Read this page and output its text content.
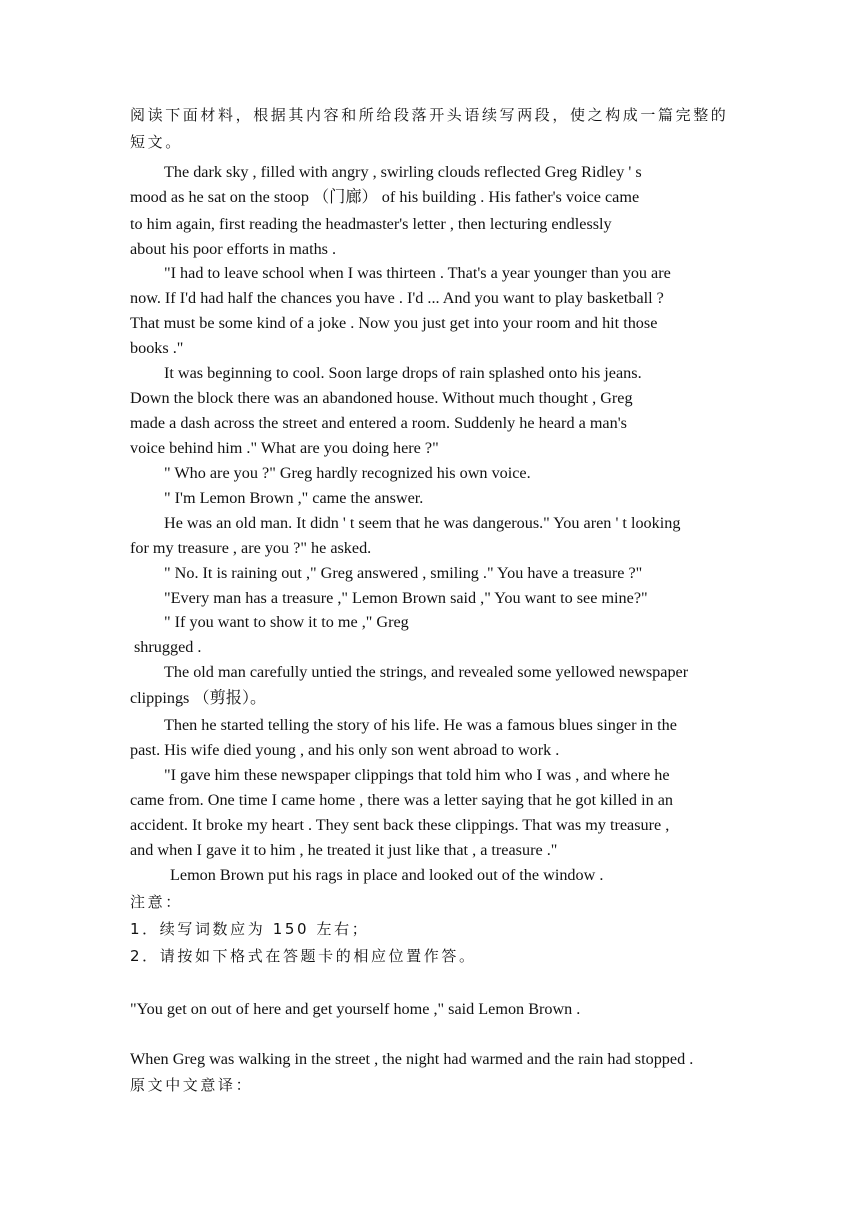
阅读下面材料，根据其内容和所给段落开头语续写两段，使之构成一篇完整的
短文。
The dark sky , filled with angry , swirling clouds reflected Greg Ridley ' s
mood as he sat on the stoop （门廊） of his building . His father's voice came
to him again, first reading the headmaster's letter , then lecturing endlessly
about his poor efforts in maths .
"I had to leave school when I was thirteen . That's a year younger than you are
now. If I'd had half the chances you have . I'd ... And you want to play basketball ?
That must be some kind of a joke . Now you just get into your room and hit those
books ."
It was beginning to cool. Soon large drops of rain splashed onto his jeans.
Down the block there was an abandoned house. Without much thought , Greg
made a dash across the street and entered a room. Suddenly he heard a man's
voice behind him ." What are you doing here ?"
" Who are you ?" Greg hardly recognized his own voice.
" I'm Lemon Brown ," came the answer.
He was an old man. It didn ' t seem that he was dangerous." You aren ' t looking
for my treasure , are you ?" he asked.
" No. It is raining out ," Greg answered , smiling ." You have a treasure ?"
"Every man has a treasure ," Lemon Brown said ," You want to see mine?"
" If you want to show it to me ," Greg
shrugged .
The old man carefully untied the strings, and revealed some yellowed newspaper
clippings （剪报）。
Then he started telling the story of his life. He was a famous blues singer in the
past. His wife died young , and his only son went abroad to work .
"I gave him these newspaper clippings that told him who I was , and where he
came from. One time I came home , there was a letter saying that he got killed in an
accident. It broke my heart . They sent back these clippings. That was my treasure ,
and when I gave it to him , he treated it just like that , a treasure ."
Lemon Brown put his rags in place and looked out of the window .
注意：
1．续写词数应为 150 左右；
2．请按如下格式在答题卡的相应位置作答。
"You get on out of here and get yourself home ," said Lemon Brown .
When Greg was walking in the street , the night had warmed and the rain had stopped .
原文中文意译：
